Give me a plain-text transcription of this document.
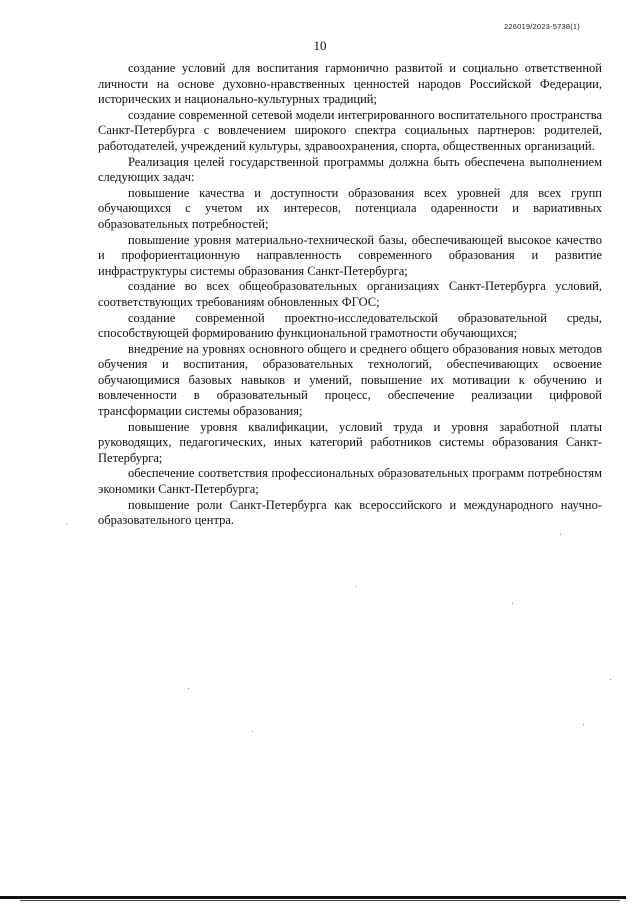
226019/2023-5738(1)
10

создание условий для воспитания гармонично развитой и социально ответственной личности на основе духовно-нравственных ценностей народов Российской Федерации, исторических и национально-культурных традиций;

создание современной сетевой модели интегрированного воспитательного пространства Санкт-Петербурга с вовлечением широкого спектра социальных партнеров: родителей, работодателей, учреждений культуры, здравоохранения, спорта, общественных организаций.

Реализация целей государственной программы должна быть обеспечена выполнением следующих задач:

повышение качества и доступности образования всех уровней для всех групп обучающихся с учетом их интересов, потенциала одаренности и вариативных образовательных потребностей;

повышение уровня материально-технической базы, обеспечивающей высокое качество и профориентационную направленность современного образования и развитие инфраструктуры системы образования Санкт-Петербурга;

создание во всех общеобразовательных организациях Санкт-Петербурга условий, соответствующих требованиям обновленных ФГОС;

создание современной проектно-исследовательской образовательной среды, способствующей формированию функциональной грамотности обучающихся;

внедрение на уровнях основного общего и среднего общего образования новых методов обучения и воспитания, образовательных технологий, обеспечивающих освоение обучающимися базовых навыков и умений, повышение их мотивации к обучению и вовлеченности в образовательный процесс, обеспечение реализации цифровой трансформации системы образования;

повышение уровня квалификации, условий труда и уровня заработной платы руководящих, педагогических, иных категорий работников системы образования Санкт-Петербурга;

обеспечение соответствия профессиональных образовательных программ потребностям экономики Санкт-Петербурга;

повышение роли Санкт-Петербурга как всероссийского и международного научно-образовательного центра.
